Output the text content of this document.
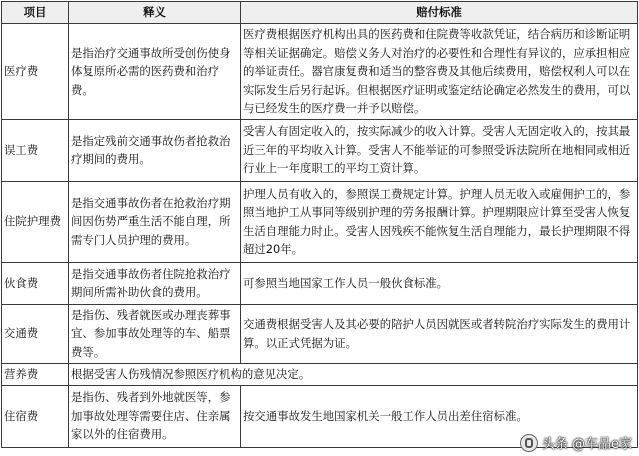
项目	释义	赔付标准
医疗费	是指治疗交通事故所受创伤使身体复原所必需的医药费和治疗费。	医疗费根据医疗机构出具的医药费和住院费等收款凭证，结合病历和诊断证明等相关证据确定。赔偿义务人对治疗的必要性和合理性有异议的，应承担相应的举证责任。器官康复费和适当的整容费及其他后续费用，赔偿权利人可以在实际发生后另行起诉。但根据医疗证明或鉴定结论确定必然发生的费用，可以与已经发生的医疗费一并予以赔偿。
误工费	是指定残前交通事故伤者抢救治疗期间的费用。	受害人有固定收入的，按实际减少的收入计算。受害人无固定收入的，按其最近三年的平均收入计算。受害人不能举证的可参照受诉法院所在地相同或相近行业上一年度职工的平均工资计算。
住院护理费	是指交通事故伤者在抢救治疗期间因伤势严重生活不能自理，所需专门人员护理的费用。	护理人员有收入的，参照误工费规定计算。护理人员无收入或雇佣护工的，参照当地护工从事同等级别护理的劳务报酬计算。护理期限应计算至受害人恢复生活自理能力时止。受害人因残疾不能恢复生活自理能力，最长护理期限不得超过20年。
伙食费	是指交通事故伤者住院抢救治疗期间所需补助伙食的费用。	可参照当地国家工作人员一般伙食标准。
交通费	是指伤、残者就医或办理丧葬事宜、参加事故处理等的车、船票费等。	交通费根据受害人及其必要的陪护人员因就医或者转院治疗实际发生的费用计算。以正式凭据为证。
营养费	根据受害人伤残情况参照医疗机构的意见决定。	
住宿费	是指伤、残者到外地就医等，参加事故处理等需要住店、住亲属家以外的住宿费用。	按交通事故发生地国家机关一般工作人员出差住宿标准。
头条 @车品e家
